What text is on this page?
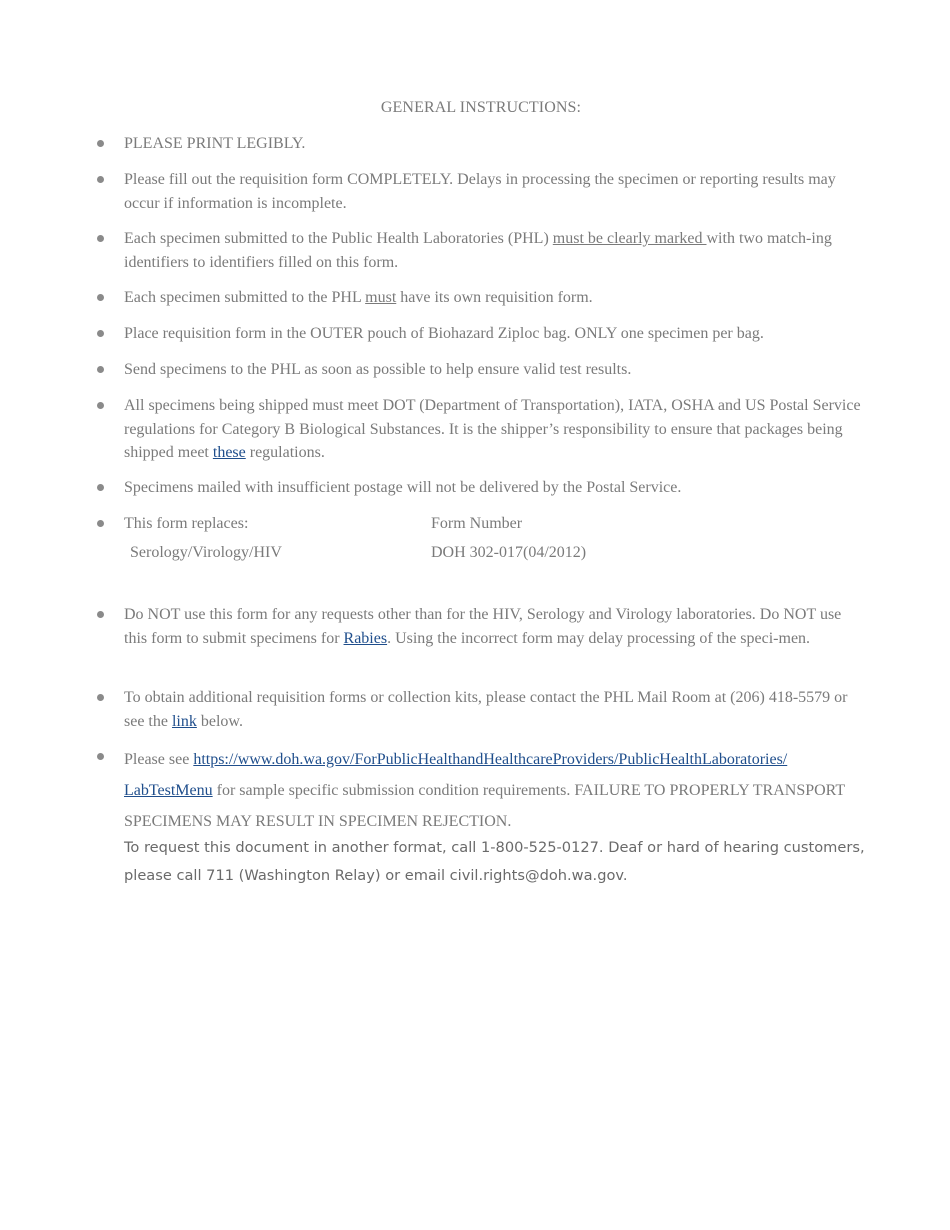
GENERAL INSTRUCTIONS:
PLEASE PRINT LEGIBLY.
Please fill out the requisition form COMPLETELY. Delays in processing the specimen or reporting results may occur if information is incomplete.
Each specimen submitted to the Public Health Laboratories (PHL) must be clearly marked with two match-ing identifiers to identifiers filled on this form.
Each specimen submitted to the PHL must have its own requisition form.
Place requisition form in the OUTER pouch of Biohazard Ziploc bag. ONLY one specimen per bag.
Send specimens to the PHL as soon as possible to help ensure valid test results.
All specimens being shipped must meet DOT (Department of Transportation), IATA, OSHA and US Postal Service regulations for Category B Biological Substances. It is the shipper’s responsibility to ensure that packages being shipped meet these regulations.
Specimens mailed with insufficient postage will not be delivered by the Postal Service.
This form replaces:	Form Number
Serology/Virology/HIV	DOH 302-017(04/2012)
Do NOT use this form for any requests other than for the HIV, Serology and Virology laboratories. Do NOT use this form to submit specimens for Rabies. Using the incorrect form may delay processing of the speci-men.
To obtain additional requisition forms or collection kits, please contact the PHL Mail Room at (206) 418-5579 or see the link below.
Please see https://www.doh.wa.gov/ForPublicHealthandHealthcareProviders/PublicHealthLaboratories/ LabTestMenu for sample specific submission condition requirements. FAILURE TO PROPERLY TRANSPORT SPECIMENS MAY RESULT IN SPECIMEN REJECTION.
To request this document in another format, call 1-800-525-0127. Deaf or hard of hearing customers, please call 711 (Washington Relay) or email civil.rights@doh.wa.gov.
